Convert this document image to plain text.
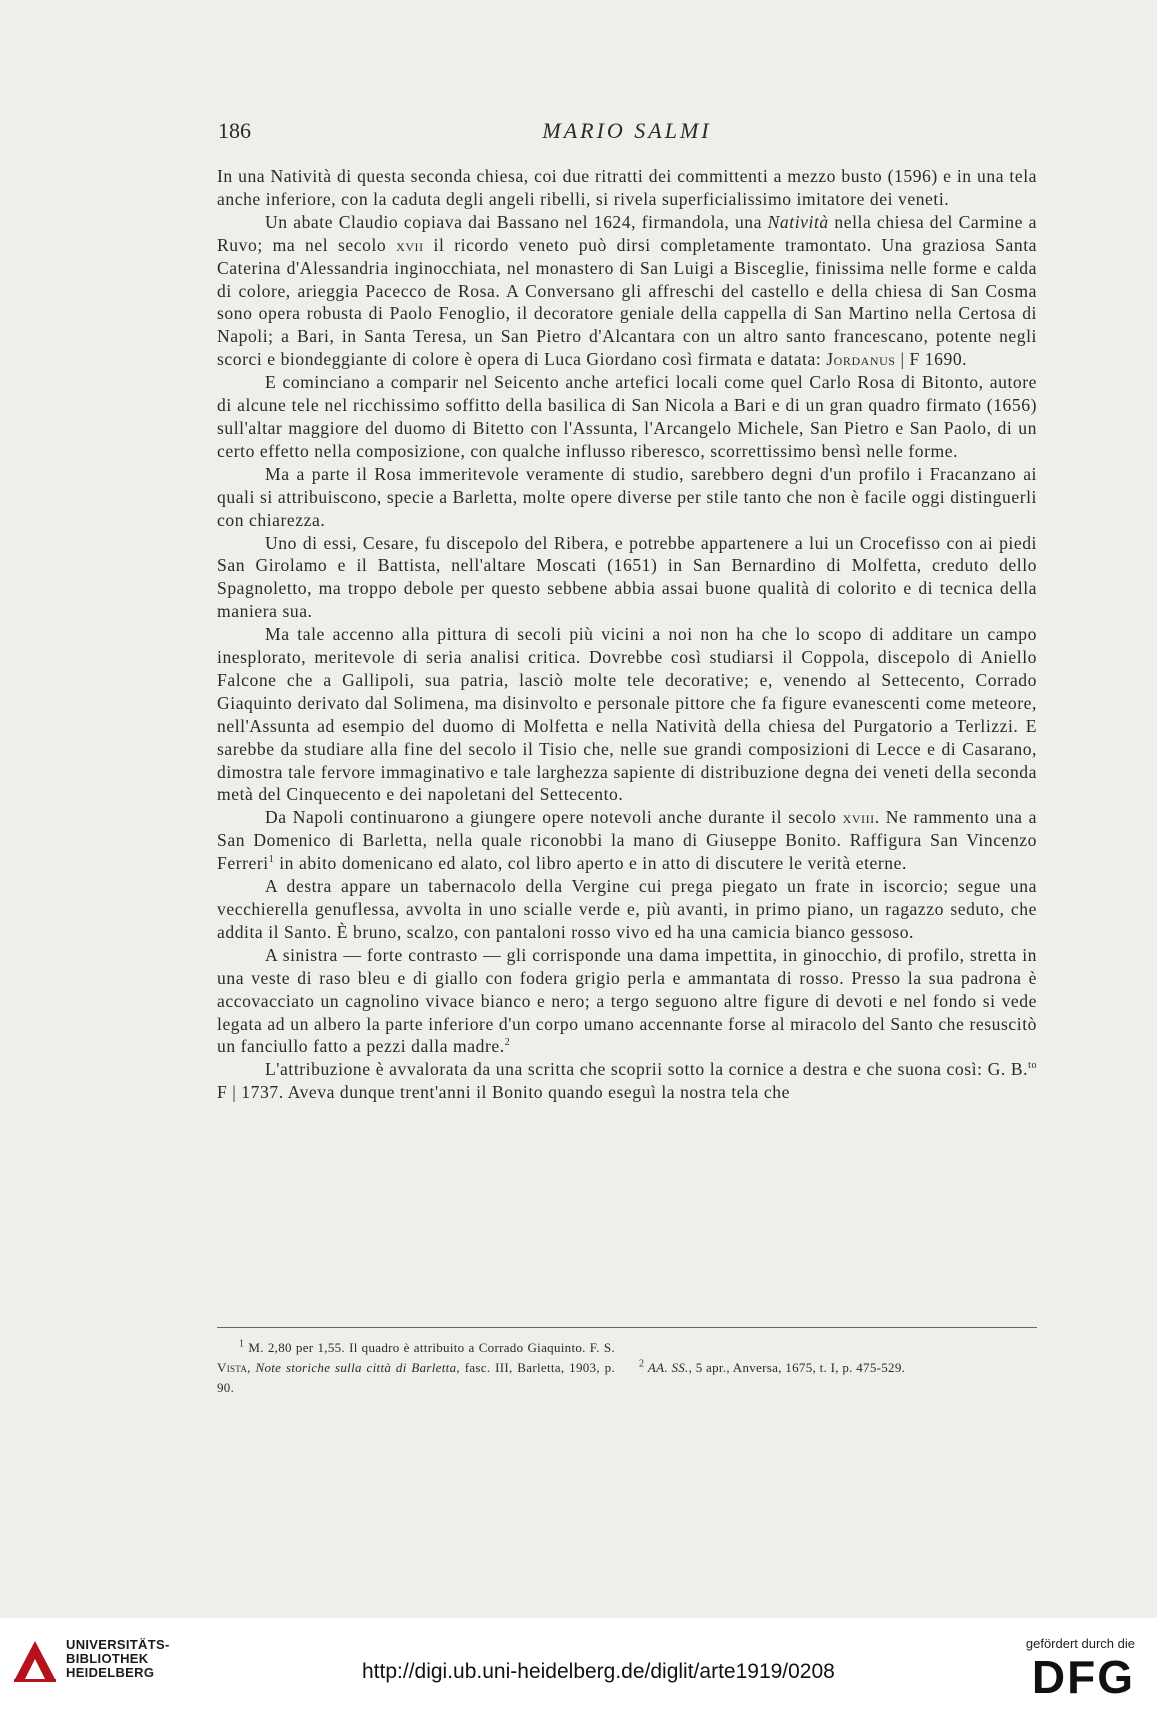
186	MARIO SALMI

In una Natività di questa seconda chiesa, coi due ritratti dei committenti a mezzo busto (1596) e in una tela anche inferiore, con la caduta degli angeli ribelli, si rivela superficialissimo imitatore dei veneti.

Un abate Claudio copiava dai Bassano nel 1624, firmandola, una Natività nella chiesa del Carmine a Ruvo; ma nel secolo xvii il ricordo veneto può dirsi completamente tramontato. Una graziosa Santa Caterina d'Alessandria inginocchiata, nel monastero di San Luigi a Bisceglie, finissima nelle forme e calda di colore, arieggia Pacecco de Rosa. A Conversano gli affreschi del castello e della chiesa di San Cosma sono opera robusta di Paolo Fenoglio, il decoratore geniale della cappella di San Martino nella Certosa di Napoli; a Bari, in Santa Teresa, un San Pietro d'Alcantara con un altro santo francescano, potente negli scorci e biondeggiante di colore è opera di Luca Giordano così firmata e datata: Jordanus | F 1690.

E cominciano a comparir nel Seicento anche artefici locali come quel Carlo Rosa di Bitonto, autore di alcune tele nel ricchissimo soffitto della basilica di San Nicola a Bari e di un gran quadro firmato (1656) sull'altar maggiore del duomo di Bitetto con l'Assunta, l'Arcangelo Michele, San Pietro e San Paolo, di un certo effetto nella composizione, con qualche influsso riberesco, scorrettissimo bensì nelle forme.

Ma a parte il Rosa immeritevole veramente di studio, sarebbero degni d'un profilo i Fracanzano ai quali si attribuiscono, specie a Barletta, molte opere diverse per stile tanto che non è facile oggi distinguerli con chiarezza.

Uno di essi, Cesare, fu discepolo del Ribera, e potrebbe appartenere a lui un Crocefisso con ai piedi San Girolamo e il Battista, nell'altare Moscati (1651) in San Bernardino di Molfetta, creduto dello Spagnoletto, ma troppo debole per questo sebbene abbia assai buone qualità di colorito e di tecnica della maniera sua.

Ma tale accenno alla pittura di secoli più vicini a noi non ha che lo scopo di additare un campo inesplorato, meritevole di seria analisi critica. Dovrebbe così studiarsi il Coppola, discepolo di Aniello Falcone che a Gallipoli, sua patria, lasciò molte tele decorative; e, venendo al Settecento, Corrado Giaquinto derivato dal Solimena, ma disinvolto e personale pittore che fa figure evanescenti come meteore, nell'Assunta ad esempio del duomo di Molfetta e nella Natività della chiesa del Purgatorio a Terlizzi. E sarebbe da studiare alla fine del secolo il Tisio che, nelle sue grandi composizioni di Lecce e di Casarano, dimostra tale fervore immaginativo e tale larghezza sapiente di distribuzione degna dei veneti della seconda metà del Cinquecento e dei napoletani del Settecento.

Da Napoli continuarono a giungere opere notevoli anche durante il secolo xviii. Ne rammento una a San Domenico di Barletta, nella quale riconobbi la mano di Giuseppe Bonito. Raffigura San Vincenzo Ferreri$^1$ in abito domenicano ed alato, col libro aperto e in atto di discutere le verità eterne.

A destra appare un tabernacolo della Vergine cui prega piegato un frate in iscorcio; segue una vecchierella genuflessa, avvolta in uno scialle verde e, più avanti, in primo piano, un ragazzo seduto, che addita il Santo. È bruno, scalzo, con pantaloni rosso vivo ed ha una camicia bianco gessoso.

A sinistra — forte contrasto — gli corrisponde una dama impettita, in ginocchio, di profilo, stretta in una veste di raso bleu e di giallo con fodera grigio perla e ammantata di rosso. Presso la sua padrona è accovacciato un cagnolino vivace bianco e nero; a tergo seguono altre figure di devoti e nel fondo si vede legata ad un albero la parte inferiore d'un corpo umano accennante forse al miracolo del Santo che resuscitò un fanciullo fatto a pezzi dalla madre.$^2$

L'attribuzione è avvalorata da una scritta che scoprii sotto la cornice a destra e che suona così: G. B.$^{to}$ F | 1737. Aveva dunque trent'anni il Bonito quando eseguì la nostra tela che

$^1$ M. 2,80 per 1,55. Il quadro è attribuito a Corrado Giaquinto. F. S. Vista, Note storiche sulla città di Barletta, fasc. III, Barletta, 1903, p. 90.

$^2$ AA. SS., 5 apr., Anversa, 1675, t. I, p. 475-529.

UNIVERSITÄTS-
BIBLIOTHEK
HEIDELBERG	http://digi.ub.uni-heidelberg.de/diglit/arte1919/0208
gefördert durch die
DFG
